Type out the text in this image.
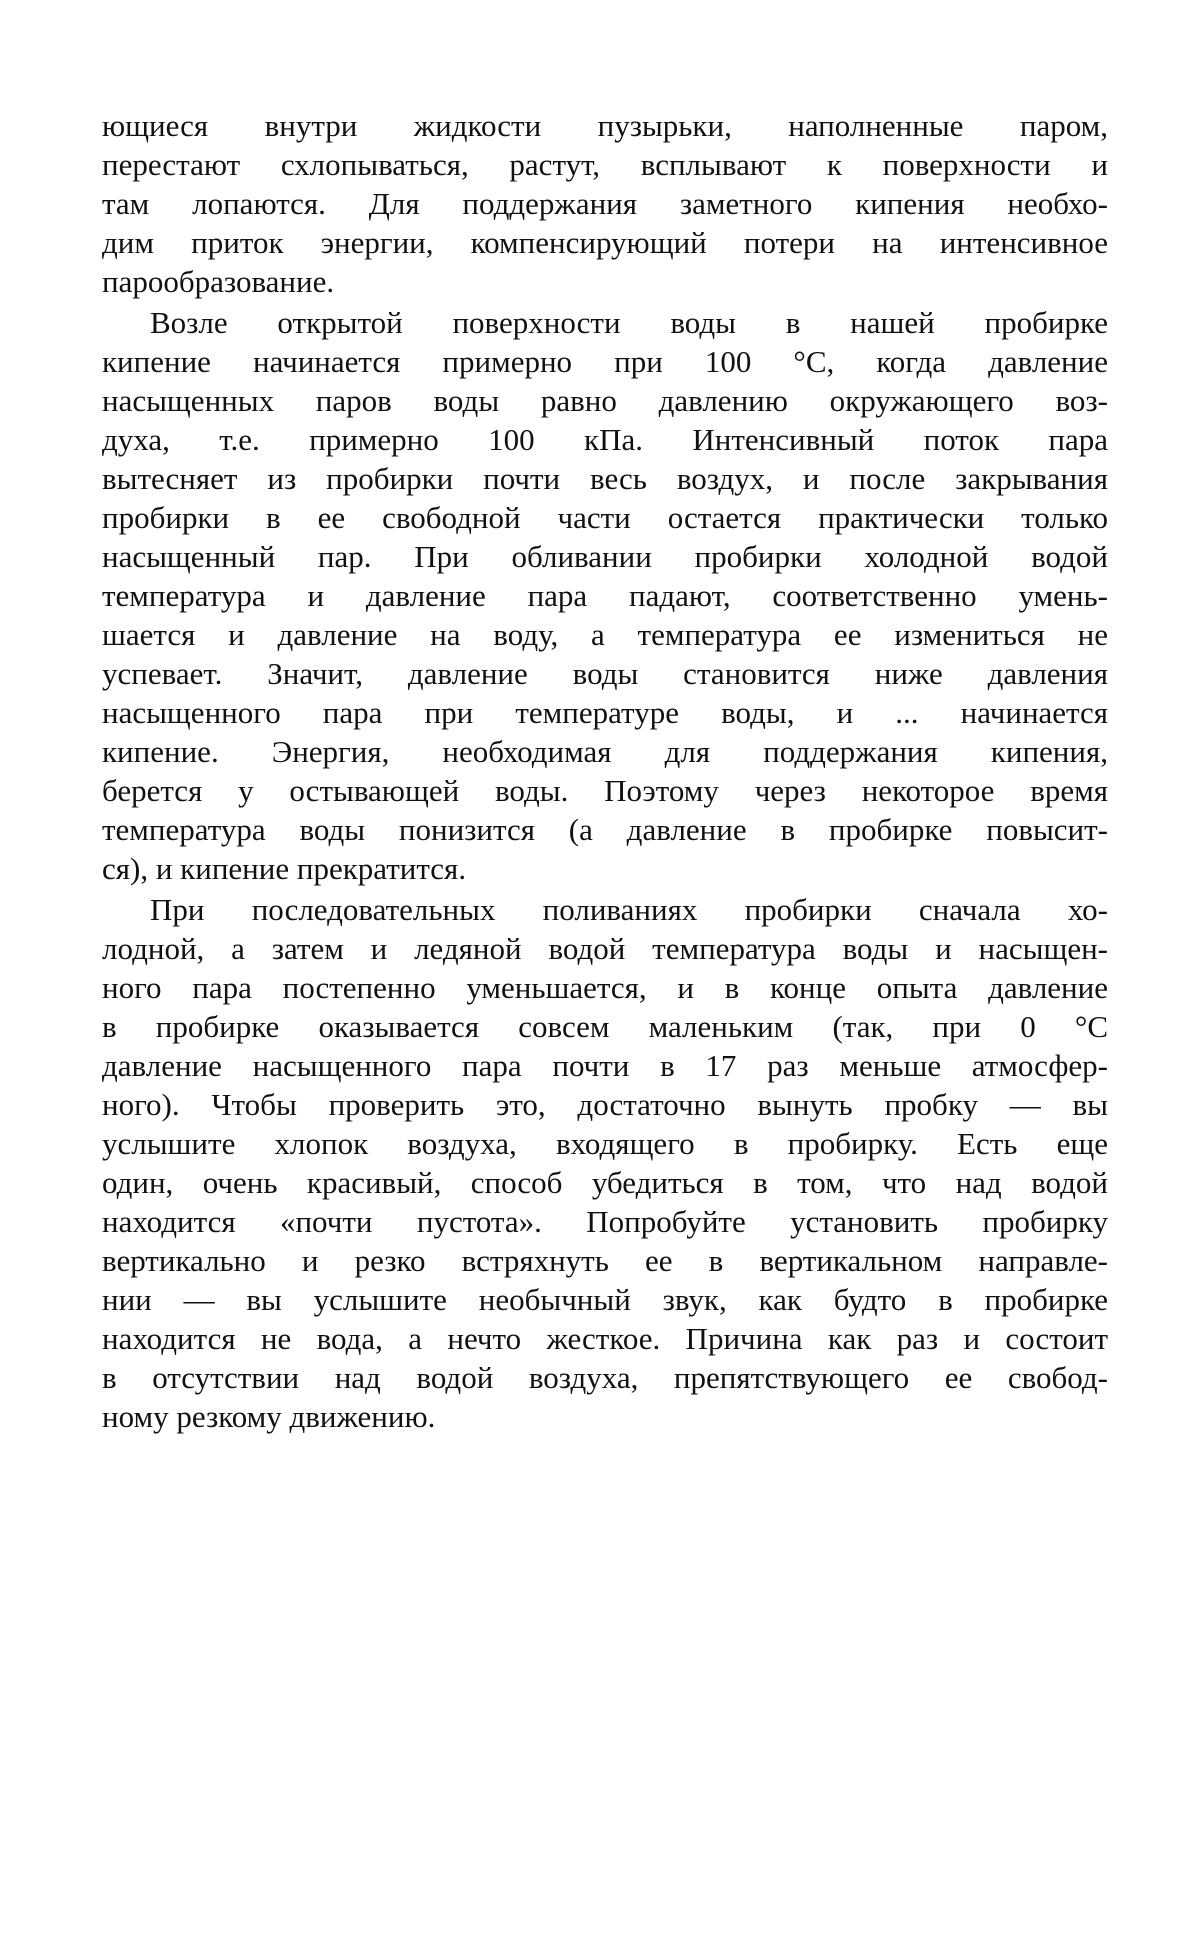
ющиеся внутри жидкости пузырьки, наполненные паром,
перестают схлопываться, растут, всплывают к поверхности и
там лопаются. Для поддержания заметного кипения необхо-
дим приток энергии, компенсирующий потери на интенсивное
парообразование.
Возле открытой поверхности воды в нашей пробирке
кипение начинается примерно при 100 °С, когда давление
насыщенных паров воды равно давлению окружающего воз-
духа, т.е. примерно 100 кПа. Интенсивный поток пара
вытесняет из пробирки почти весь воздух, и после закрывания
пробирки в ее свободной части остается практически только
насыщенный пар. При обливании пробирки холодной водой
температура и давление пара падают, соответственно умень-
шается и давление на воду, а температура ее измениться не
успевает. Значит, давление воды становится ниже давления
насыщенного пара при температуре воды, и ... начинается
кипение. Энергия, необходимая для поддержания кипения,
берется у остывающей воды. Поэтому через некоторое время
температура воды понизится (а давление в пробирке повысит-
ся), и кипение прекратится.
При последовательных поливаниях пробирки сначала хо-
лодной, а затем и ледяной водой температура воды и насыщен-
ного пара постепенно уменьшается, и в конце опыта давление
в пробирке оказывается совсем маленьким (так, при 0 °С
давление насыщенного пара почти в 17 раз меньше атмосфер-
ного). Чтобы проверить это, достаточно вынуть пробку — вы
услышите хлопок воздуха, входящего в пробирку. Есть еще
один, очень красивый, способ убедиться в том, что над водой
находится «почти пустота». Попробуйте установить пробирку
вертикально и резко встряхнуть ее в вертикальном направле-
нии — вы услышите необычный звук, как будто в пробирке
находится не вода, а нечто жесткое. Причина как раз и состоит
в отсутствии над водой воздуха, препятствующего ее свобод-
ному резкому движению.
